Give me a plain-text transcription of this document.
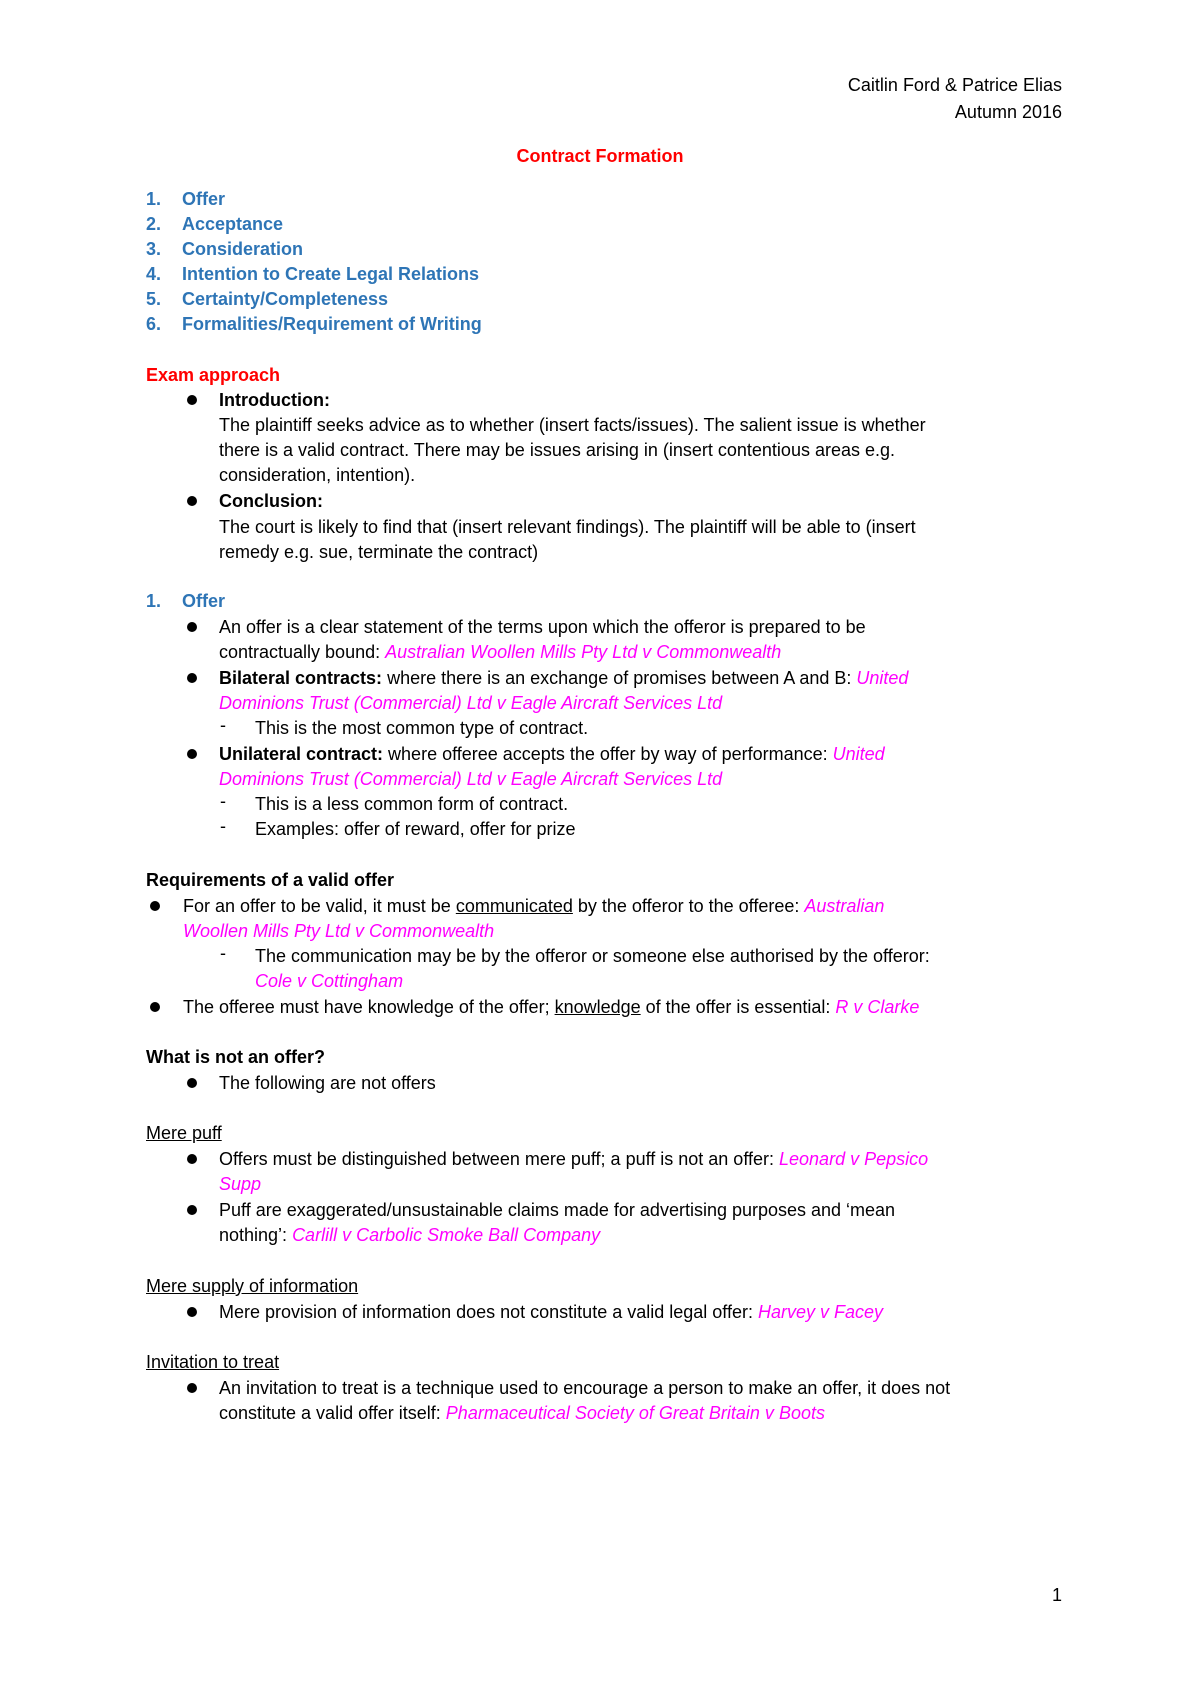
Caitlin Ford & Patrice Elias
Autumn 2016
Contract Formation
1. Offer
2. Acceptance
3. Consideration
4. Intention to Create Legal Relations
5. Certainty/Completeness
6. Formalities/Requirement of Writing
Exam approach
Introduction:
The plaintiff seeks advice as to whether (insert facts/issues). The salient issue is whether
there is a valid contract. There may be issues arising in (insert contentious areas e.g.
consideration, intention).
Conclusion:
The court is likely to find that (insert relevant findings). The plaintiff will be able to (insert
remedy e.g. sue, terminate the contract)
1. Offer
An offer is a clear statement of the terms upon which the offeror is prepared to be
contractually bound: Australian Woollen Mills Pty Ltd v Commonwealth
Bilateral contracts: where there is an exchange of promises between A and B: United
Dominions Trust (Commercial) Ltd v Eagle Aircraft Services Ltd
- This is the most common type of contract.
Unilateral contract: where offeree accepts the offer by way of performance: United
Dominions Trust (Commercial) Ltd v Eagle Aircraft Services Ltd
- This is a less common form of contract.
- Examples: offer of reward, offer for prize
Requirements of a valid offer
For an offer to be valid, it must be communicated by the offeror to the offeree: Australian
Woollen Mills Pty Ltd v Commonwealth
- The communication may be by the offeror or someone else authorised by the offeror:
Cole v Cottingham
The offeree must have knowledge of the offer; knowledge of the offer is essential: R v Clarke
What is not an offer?
The following are not offers
Mere puff
Offers must be distinguished between mere puff; a puff is not an offer: Leonard v Pepsico
Supp
Puff are exaggerated/unsustainable claims made for advertising purposes and ‘mean
nothing’: Carlill v Carbolic Smoke Ball Company
Mere supply of information
Mere provision of information does not constitute a valid legal offer: Harvey v Facey
Invitation to treat
An invitation to treat is a technique used to encourage a person to make an offer, it does not
constitute a valid offer itself: Pharmaceutical Society of Great Britain v Boots
1
